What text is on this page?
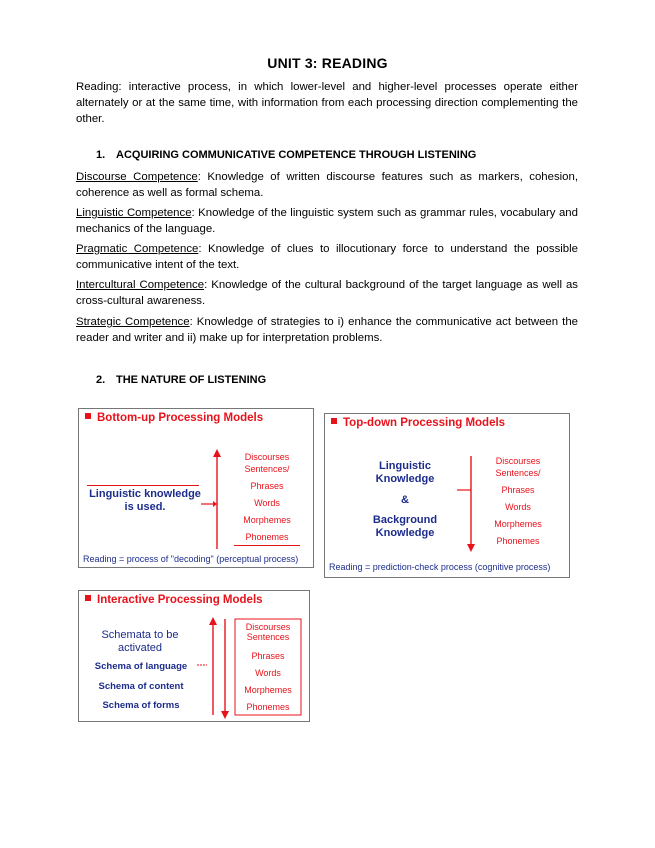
UNIT 3: READING

Reading: interactive process, in which lower-level and higher-level processes operate either alternately or at the same time, with information from each processing direction complementing the other.

1. ACQUIRING COMMUNICATIVE COMPETENCE THROUGH LISTENING

Discourse Competence: Knowledge of written discourse features such as markers, cohesion, coherence as well as formal schema.

Linguistic Competence: Knowledge of the linguistic system such as grammar rules, vocabulary and mechanics of the language.

Pragmatic Competence: Knowledge of clues to illocutionary force to understand the possible communicative intent of the text.

Intercultural Competence: Knowledge of the cultural background of the target language as well as cross-cultural awareness.

Strategic Competence: Knowledge of strategies to i) enhance the communicative act between the reader and writer and ii) make up for interpretation problems.

2. THE NATURE OF LISTENING

Bottom-up Processing Models
Linguistic knowledge is used.
Discourses
Sentences/
Phrases
Words
Morphemes
Phonemes
Reading = process of "decoding" (perceptual process)
Top-down Processing Models
Linguistic Knowledge
&
Background Knowledge
Discourses
Sentences/
Phrases
Words
Morphemes
Phonemes
Reading = prediction-check process (cognitive process)
Interactive Processing Models
Schemata to be activated
Schema of language
Schema of content
Schema of forms
Discourses
Sentences
Phrases
Words
Morphemes
Phonemes
